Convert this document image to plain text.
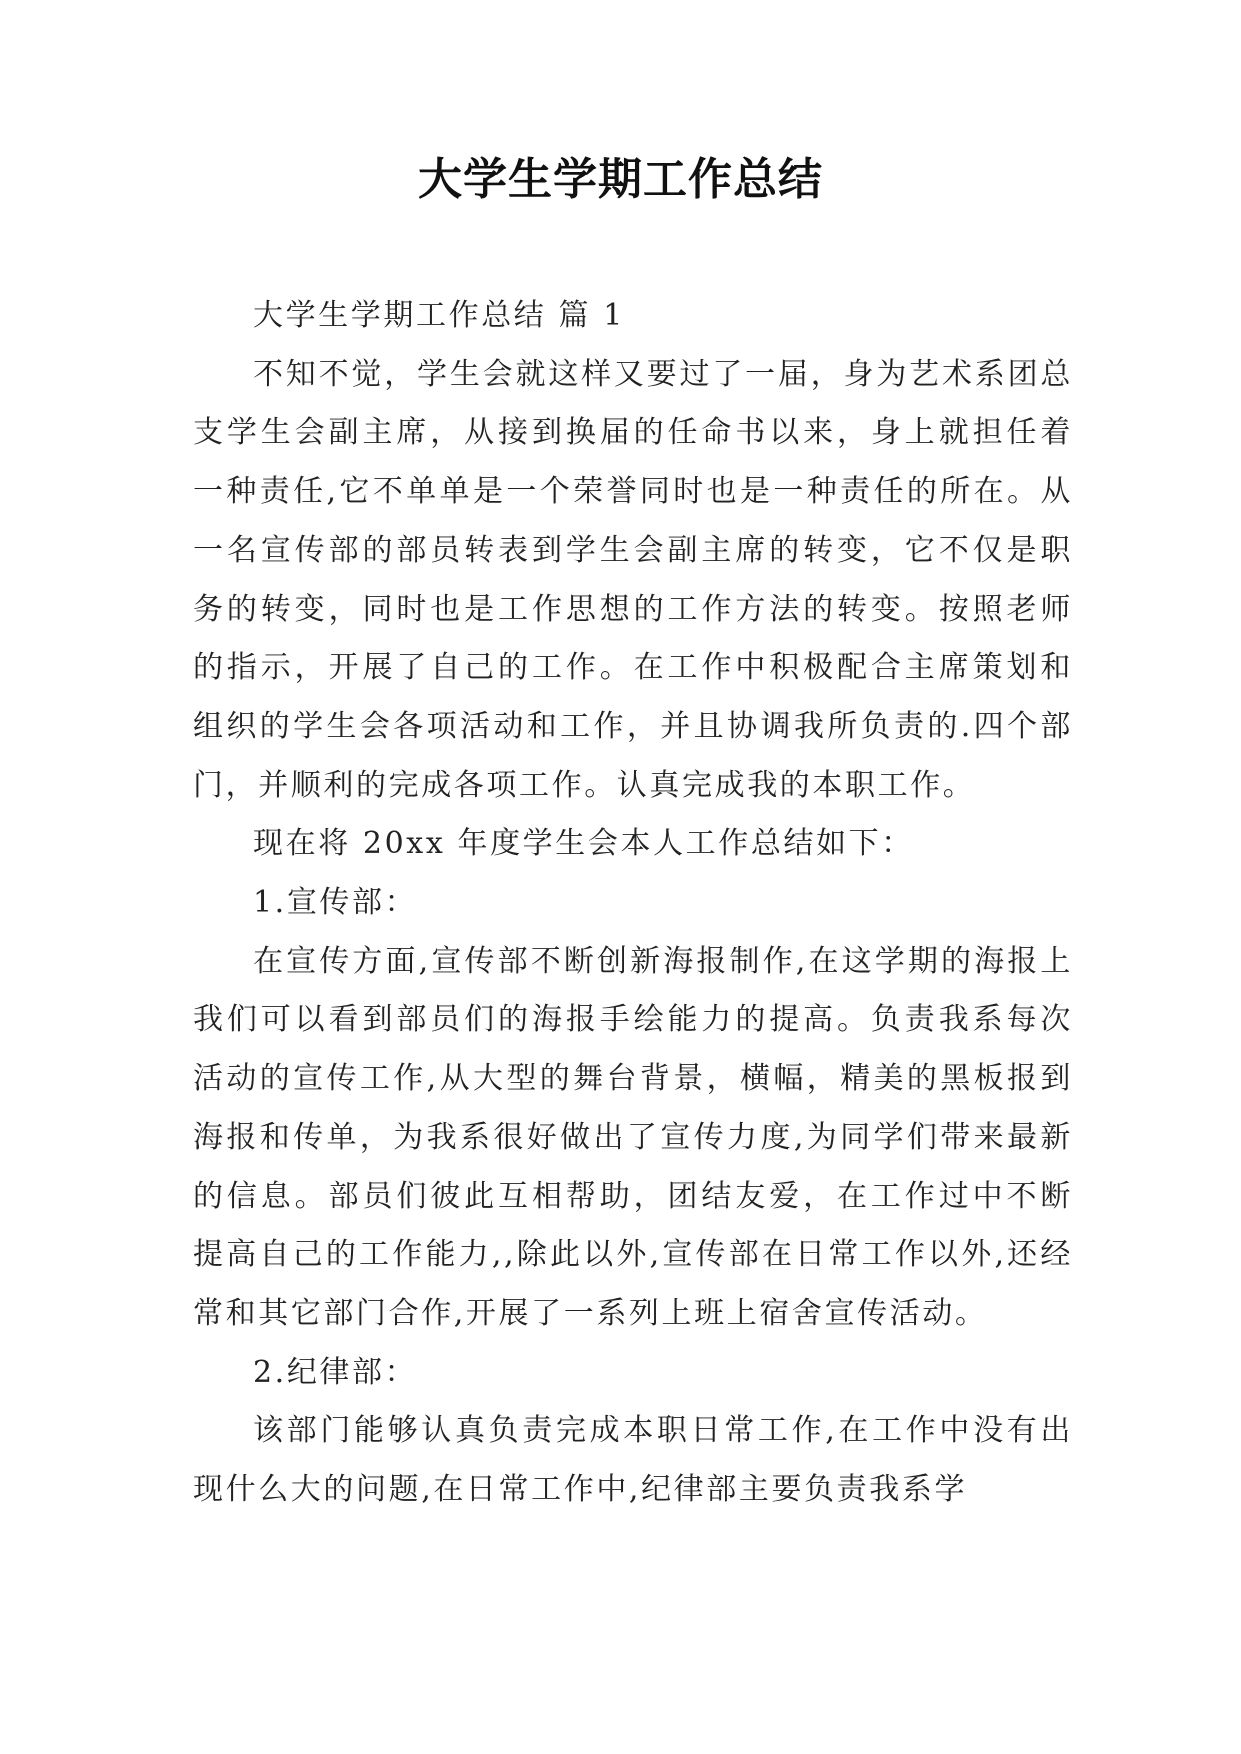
大学生学期工作总结

大学生学期工作总结 篇 1

不知不觉，学生会就这样又要过了一届，身为艺术系团总支学生会副主席，从接到换届的任命书以来，身上就担任着一种责任,它不单单是一个荣誉同时也是一种责任的所在。从一名宣传部的部员转表到学生会副主席的转变，它不仅是职务的转变，同时也是工作思想的工作方法的转变。按照老师的指示，开展了自己的工作。在工作中积极配合主席策划和组织的学生会各项活动和工作，并且协调我所负责的.四个部门，并顺利的完成各项工作。认真完成我的本职工作。

现在将 20xx 年度学生会本人工作总结如下：

1.宣传部：

在宣传方面,宣传部不断创新海报制作,在这学期的海报上我们可以看到部员们的海报手绘能力的提高。负责我系每次活动的宣传工作,从大型的舞台背景，横幅，精美的黑板报到海报和传单，为我系很好做出了宣传力度,为同学们带来最新的信息。部员们彼此互相帮助，团结友爱，在工作过中不断提高自己的工作能力,,除此以外,宣传部在日常工作以外,还经常和其它部门合作,开展了一系列上班上宿舍宣传活动。

2.纪律部：

该部门能够认真负责完成本职日常工作,在工作中没有出现什么大的问题,在日常工作中,纪律部主要负责我系学
